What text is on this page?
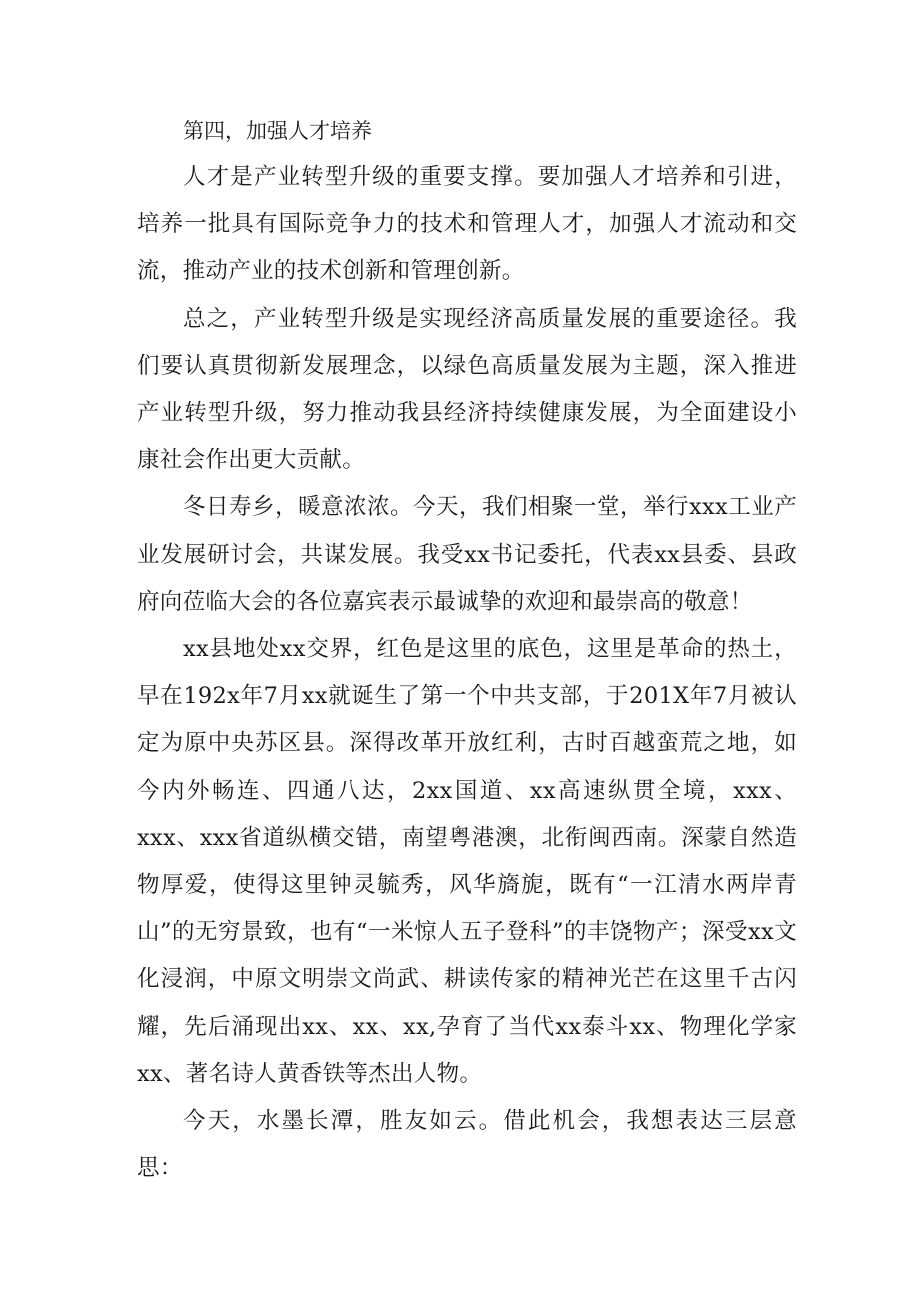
第四，加强人才培养

人才是产业转型升级的重要支撑。要加强人才培养和引进，培养一批具有国际竞争力的技术和管理人才，加强人才流动和交流，推动产业的技术创新和管理创新。

总之，产业转型升级是实现经济高质量发展的重要途径。我们要认真贯彻新发展理念，以绿色高质量发展为主题，深入推进产业转型升级，努力推动我县经济持续健康发展，为全面建设小康社会作出更大贡献。

冬日寿乡，暖意浓浓。今天，我们相聚一堂，举行xxx工业产业发展研讨会，共谋发展。我受xx书记委托，代表xx县委、县政府向莅临大会的各位嘉宾表示最诚挚的欢迎和最崇高的敬意！

xx县地处xx交界，红色是这里的底色，这里是革命的热土，早在192x年7月xx就诞生了第一个中共支部，于201X年7月被认定为原中央苏区县。深得改革开放红利，古时百越蛮荒之地，如今内外畅连、四通八达，2xx国道、xx高速纵贯全境，xxx、xxx、xxx省道纵横交错，南望粤港澳，北衔闽西南。深蒙自然造物厚爱，使得这里钟灵毓秀，风华旖旎，既有“一江清水两岸青山”的无穷景致，也有“一米惊人五子登科”的丰饶物产；深受xx文化浸润，中原文明崇文尚武、耕读传家的精神光芒在这里千古闪耀，先后涌现出xx、xx、xx,孕育了当代xx泰斗xx、物理化学家xx、著名诗人黄香铁等杰出人物。

今天，水墨长潭，胜友如云。借此机会，我想表达三层意思：
